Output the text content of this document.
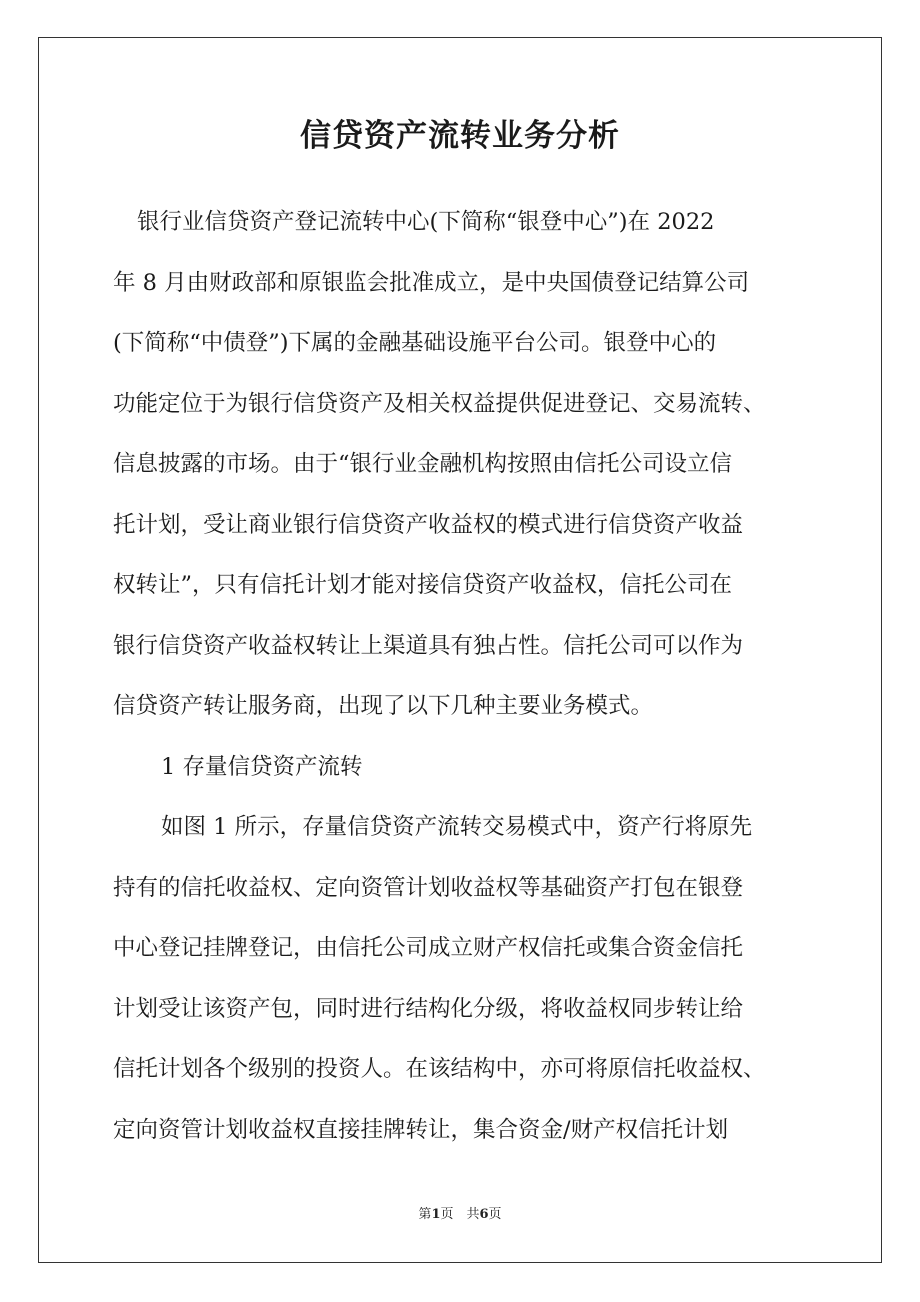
信贷资产流转业务分析
银行业信贷资产登记流转中心(下简称“银登中心”)在 2022
年 8 月由财政部和原银监会批准成立，是中央国债登记结算公司
(下简称“中债登”)下属的金融基础设施平台公司。银登中心的
功能定位于为银行信贷资产及相关权益提供促进登记、交易流转、
信息披露的市场。由于“银行业金融机构按照由信托公司设立信
托计划，受让商业银行信贷资产收益权的模式进行信贷资产收益
权转让”，只有信托计划才能对接信贷资产收益权，信托公司在
银行信贷资产收益权转让上渠道具有独占性。信托公司可以作为
信贷资产转让服务商，出现了以下几种主要业务模式。
1 存量信贷资产流转
如图 1 所示，存量信贷资产流转交易模式中，资产行将原先
持有的信托收益权、定向资管计划收益权等基础资产打包在银登
中心登记挂牌登记，由信托公司成立财产权信托或集合资金信托
计划受让该资产包，同时进行结构化分级，将收益权同步转让给
信托计划各个级别的投资人。在该结构中，亦可将原信托收益权、
定向资管计划收益权直接挂牌转让，集合资金/财产权信托计划
第1页　共6页
